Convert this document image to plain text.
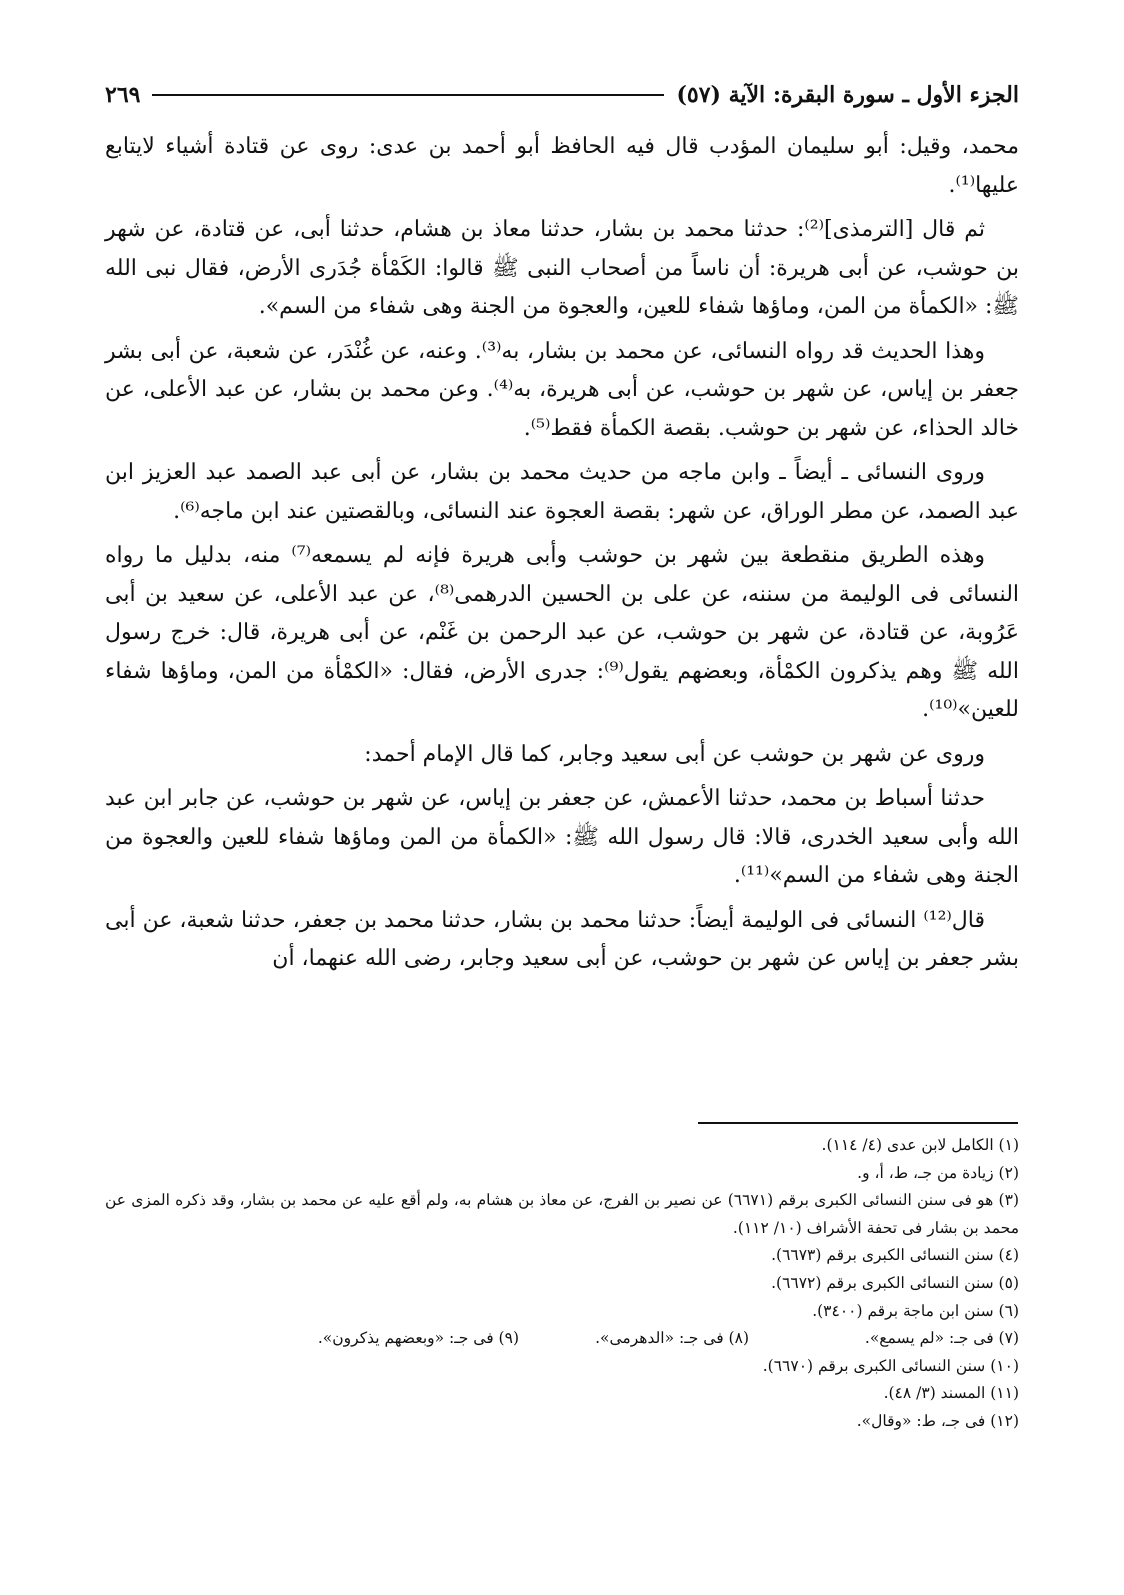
الجزء الأول ـ سورة البقرة: الآية (٥٧)
٢٦٩

محمد، وقيل: أبو سليمان المؤدب قال فيه الحافظ أبو أحمد بن عدى: روى عن قتادة أشياء لايتابع عليها⁽¹⁾.

ثم قال [الترمذى]⁽²⁾: حدثنا محمد بن بشار، حدثنا معاذ بن هشام، حدثنا أبى، عن قتادة، عن شهر بن حوشب، عن أبى هريرة: أن ناساً من أصحاب النبى ﷺ قالوا: الكَمْأة جُدَرى الأرض، فقال نبى الله ﷺ: «الكمأة من المن، وماؤها شفاء للعين، والعجوة من الجنة وهى شفاء من السم».

وهذا الحديث قد رواه النسائى، عن محمد بن بشار، به⁽³⁾. وعنه، عن غُنْدَر، عن شعبة، عن أبى بشر جعفر بن إياس، عن شهر بن حوشب، عن أبى هريرة، به⁽⁴⁾. وعن محمد بن بشار، عن عبد الأعلى، عن خالد الحذاء، عن شهر بن حوشب. بقصة الكمأة فقط⁽⁵⁾.

وروى النسائى ـ أيضاً ـ وابن ماجه من حديث محمد بن بشار، عن أبى عبد الصمد عبد العزيز ابن عبد الصمد، عن مطر الوراق، عن شهر: بقصة العجوة عند النسائى، وبالقصتين عند ابن ماجه⁽⁶⁾.

وهذه الطريق منقطعة بين شهر بن حوشب وأبى هريرة فإنه لم يسمعه⁽⁷⁾ منه، بدليل ما رواه النسائى فى الوليمة من سننه، عن على بن الحسين الدرهمى⁽⁸⁾، عن عبد الأعلى، عن سعيد بن أبى عَرُوبة، عن قتادة، عن شهر بن حوشب، عن عبد الرحمن بن غَنْم، عن أبى هريرة، قال: خرج رسول الله ﷺ وهم يذكرون الكمْأة، وبعضهم يقول⁽⁹⁾: جدرى الأرض، فقال: «الكمْأة من المن، وماؤها شفاء للعين»⁽¹⁰⁾.

وروى عن شهر بن حوشب عن أبى سعيد وجابر، كما قال الإمام أحمد:

حدثنا أسباط بن محمد، حدثنا الأعمش، عن جعفر بن إياس، عن شهر بن حوشب، عن جابر ابن عبد الله وأبى سعيد الخدرى، قالا: قال رسول الله ﷺ: «الكمأة من المن وماؤها شفاء للعين والعجوة من الجنة وهى شفاء من السم»⁽¹¹⁾.

قال⁽¹²⁾ النسائى فى الوليمة أيضاً: حدثنا محمد بن بشار، حدثنا محمد بن جعفر، حدثنا شعبة، عن أبى بشر جعفر بن إياس عن شهر بن حوشب، عن أبى سعيد وجابر، رضى الله عنهما، أن

(١) الكامل لابن عدى (٤/ ١١٤).

(٢) زيادة من جـ، ط، أ، و.

(٣) هو فى سنن النسائى الكبرى برقم (٦٦٧١) عن نصير بن الفرج، عن معاذ بن هشام به، ولم أقع عليه عن محمد بن بشار، وقد ذكره المزى عن محمد بن بشار فى تحفة الأشراف (١٠/ ١١٢).

(٤) سنن النسائى الكبرى برقم (٦٦٧٣).

(٥) سنن النسائى الكبرى برقم (٦٦٧٢).

(٦) سنن ابن ماجة برقم (٣٤٠٠).

(٧) فى جـ: «لم يسمع».
(٨) فى جـ: «الدهرمى».
(٩) فى جـ: «وبعضهم يذكرون».

(١٠) سنن النسائى الكبرى برقم (٦٦٧٠).

(١١) المسند (٣/ ٤٨).

(١٢) فى جـ، ط: «وقال».
